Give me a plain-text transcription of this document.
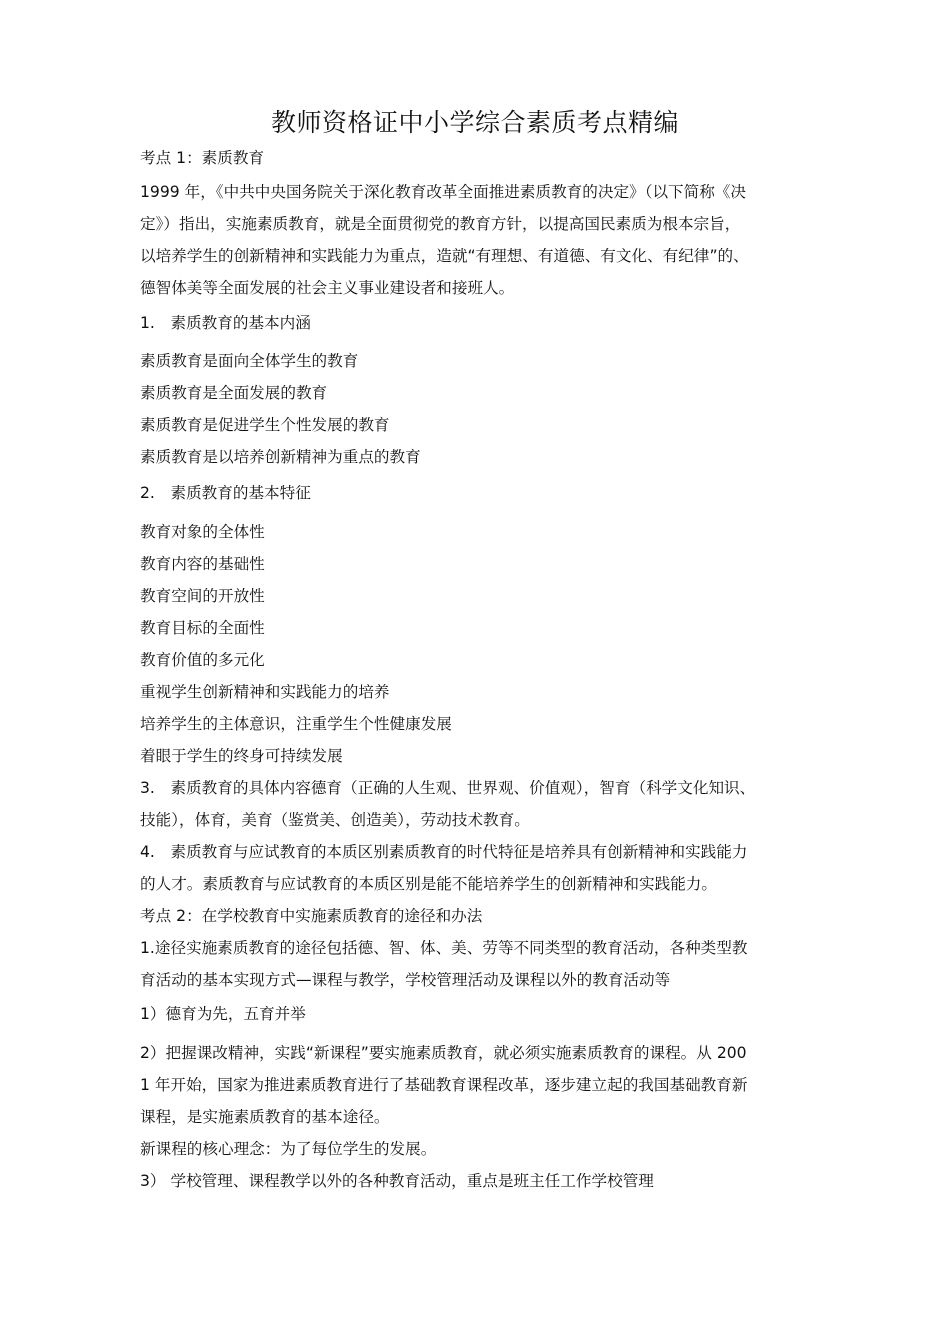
教师资格证中小学综合素质考点精编
考点 1：素质教育
1999 年，《中共中央国务院关于深化教育改革全面推进素质教育的决定》（以下简称《决
定》）指出，实施素质教育，就是全面贯彻党的教育方针，以提高国民素质为根本宗旨，
以培养学生的创新精神和实践能力为重点，造就“有理想、有道德、有文化、有纪律”的、
德智体美等全面发展的社会主义事业建设者和接班人。
1.　素质教育的基本内涵
素质教育是面向全体学生的教育
素质教育是全面发展的教育
素质教育是促进学生个性发展的教育
素质教育是以培养创新精神为重点的教育
2.　素质教育的基本特征
教育对象的全体性
教育内容的基础性
教育空间的开放性
教育目标的全面性
教育价值的多元化
重视学生创新精神和实践能力的培养
培养学生的主体意识，注重学生个性健康发展
着眼于学生的终身可持续发展
3.　素质教育的具体内容德育（正确的人生观、世界观、价值观），智育（科学文化知识、
技能），体育，美育（鉴赏美、创造美），劳动技术教育。
4.　素质教育与应试教育的本质区别素质教育的时代特征是培养具有创新精神和实践能力
的人才。素质教育与应试教育的本质区别是能不能培养学生的创新精神和实践能力。
考点 2：在学校教育中实施素质教育的途径和办法
1.途径实施素质教育的途径包括德、智、体、美、劳等不同类型的教育活动，各种类型教
育活动的基本实现方式—课程与教学，学校管理活动及课程以外的教育活动等
1）德育为先，五育并举
2）把握课改精神，实践“新课程”要实施素质教育，就必须实施素质教育的课程。从 200
1 年开始，国家为推进素质教育进行了基础教育课程改革，逐步建立起的我国基础教育新
课程，是实施素质教育的基本途径。
新课程的核心理念：为了每位学生的发展。
3） 学校管理、课程教学以外的各种教育活动，重点是班主任工作学校管理
